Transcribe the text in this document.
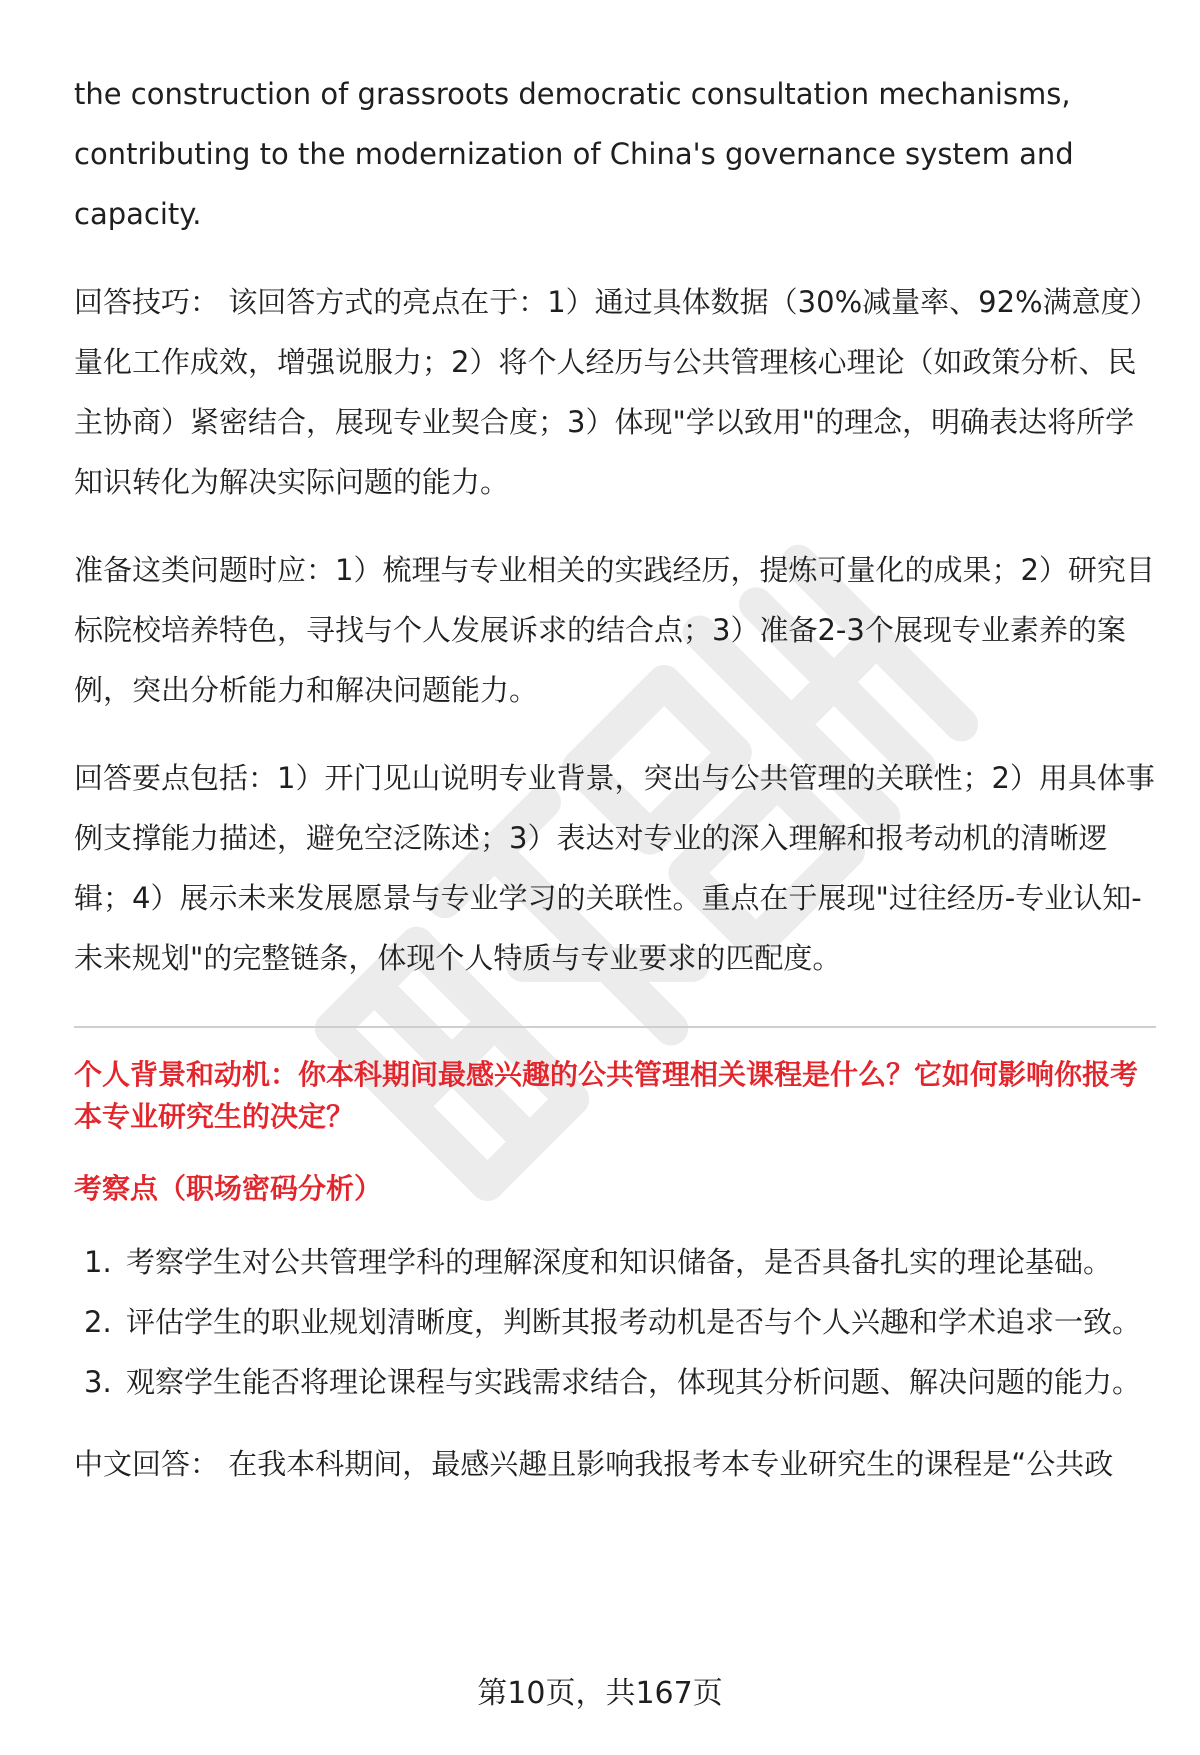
the construction of grassroots democratic consultation mechanisms, contributing to the modernization of China's governance system and capacity.

回答技巧： 该回答方式的亮点在于：1）通过具体数据（30%减量率、92%满意度）量化工作成效，增强说服力；2）将个人经历与公共管理核心理论（如政策分析、民主协商）紧密结合，展现专业契合度；3）体现"学以致用"的理念，明确表达将所学知识转化为解决实际问题的能力。

准备这类问题时应：1）梳理与专业相关的实践经历，提炼可量化的成果；2）研究目标院校培养特色，寻找与个人发展诉求的结合点；3）准备2-3个展现专业素养的案例，突出分析能力和解决问题能力。

回答要点包括：1）开门见山说明专业背景，突出与公共管理的关联性；2）用具体事例支撑能力描述，避免空泛陈述；3）表达对专业的深入理解和报考动机的清晰逻辑；4）展示未来发展愿景与专业学习的关联性。重点在于展现"过往经历-专业认知-未来规划"的完整链条，体现个人特质与专业要求的匹配度。

个人背景和动机：你本科期间最感兴趣的公共管理相关课程是什么？它如何影响你报考本专业研究生的决定？

考察点（职场密码分析）

1. 考察学生对公共管理学科的理解深度和知识储备，是否具备扎实的理论基础。
2. 评估学生的职业规划清晰度，判断其报考动机是否与个人兴趣和学术追求一致。
3. 观察学生能否将理论课程与实践需求结合，体现其分析问题、解决问题的能力。

中文回答： 在我本科期间，最感兴趣且影响我报考本专业研究生的课程是“公共政

第10页，共167页
